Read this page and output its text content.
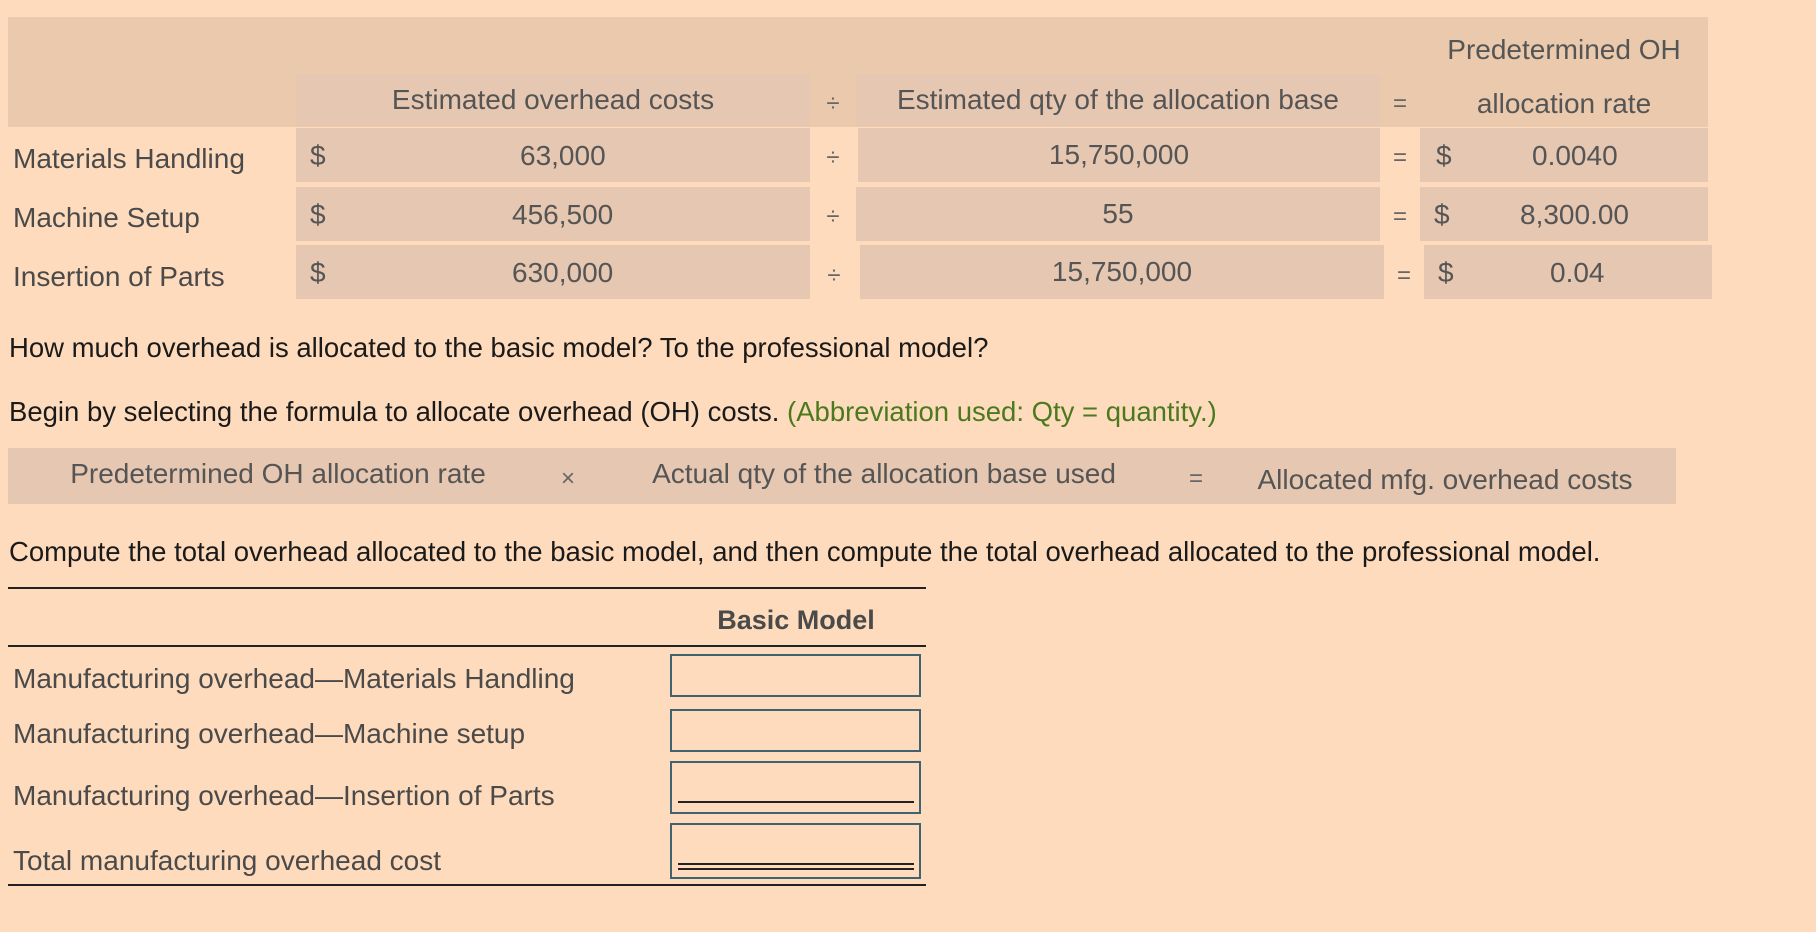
Estimated overhead costs	÷ Estimated qty of the allocation base =
Predetermined OH
allocation rate
Materials Handling $	63,000	÷	15,750,000	=	$	0.0040
Machine Setup	$	456,500	÷	55	= $	8,300.00
Insertion of Parts	$	630,000	÷	15,750,000	= $	0.04
How much overhead is allocated to the basic model? To the professional model?
Begin by selecting the formula to allocate overhead (OH) costs. (Abbreviation used: Qty = quantity.)
Predetermined OH allocation rate	×	Actual qty of the allocation base used	=	Allocated mfg. overhead costs
Compute the total overhead allocated to the basic model, and then compute the total overhead allocated to the professional model.
Basic Model
Manufacturing overhead—Materials Handling
Manufacturing overhead—Machine setup
Manufacturing overhead—Insertion of Parts
Total manufacturing overhead cost
